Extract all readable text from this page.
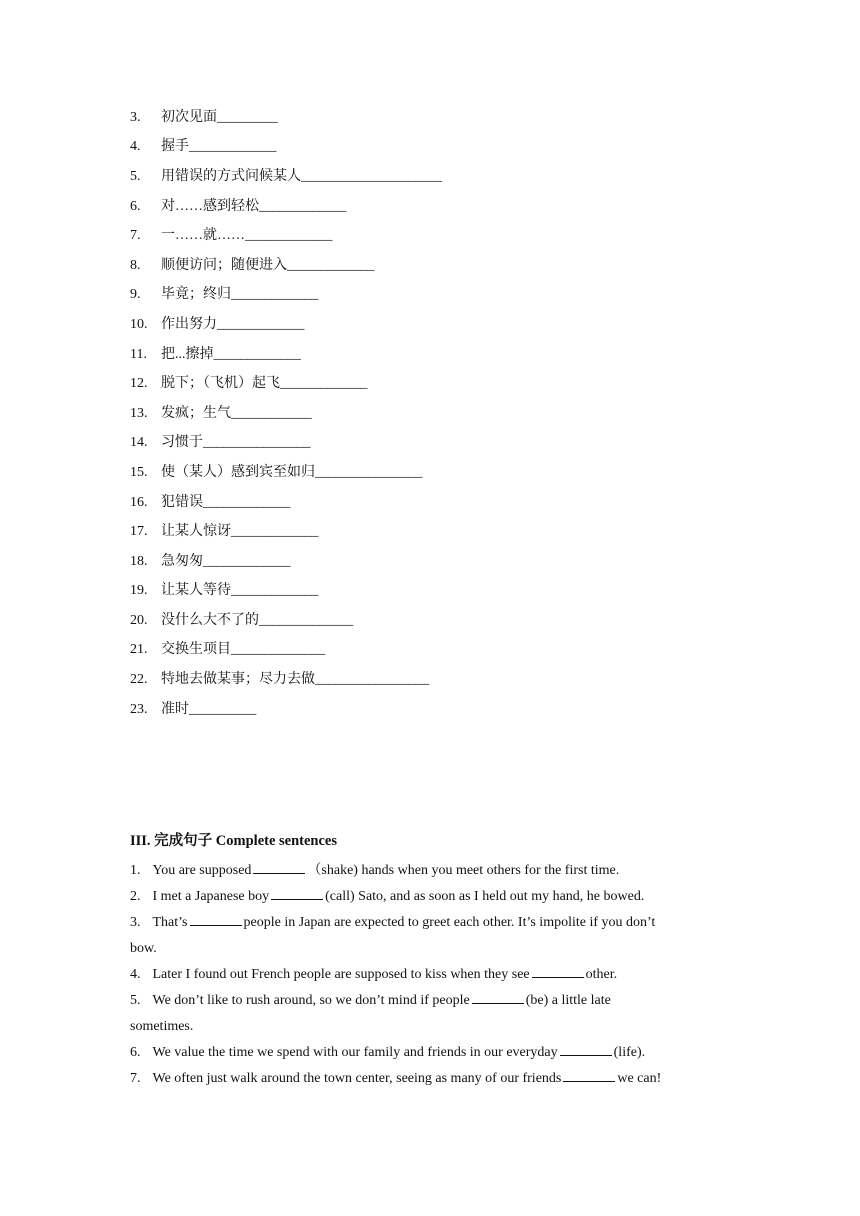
3.	初次见面 _________
4.	握手 _____________
5.	用错误的方式问候某人 _____________________
6.	对……感到轻松 _____________
7.	一……就…… _____________
8.	顺便访问；随便进入 _____________
9.	毕竟；终归 _____________
10. 作出努力 _____________
11.	把...擦掉 _____________
12. 脱下；（飞机）起飞 _____________
13. 发疯；生气 ____________
14. 习惯于 ________________
15. 使（某人）感到宾至如归 ________________
16. 犯错误 _____________
17. 让某人惊讶 _____________
18. 急匆匆 _____________
19. 让某人等待 _____________
20. 没什么大不了的 ______________
21. 交换生项目 ______________
22. 特地去做某事；尽力去做 _________________
23. 准时 __________
III. 完成句子 Complete sentences
1. You are supposed	（shake) hands when you meet others for the first time.
2. I met a Japanese boy	(call) Sato, and as soon as I held out my hand, he bowed.
3. That’s	people in Japan are expected to greet each other. It’s impolite if you don’t
bow.
4. Later I found out French people are supposed to kiss when they see	other.
5. We don’t like to rush around, so we don’t mind if people	(be) a little late
sometimes.
6. We value the time we spend with our family and friends in our everyday	(life).
7. We often just walk around the town center, seeing as many of our friends	we can!
